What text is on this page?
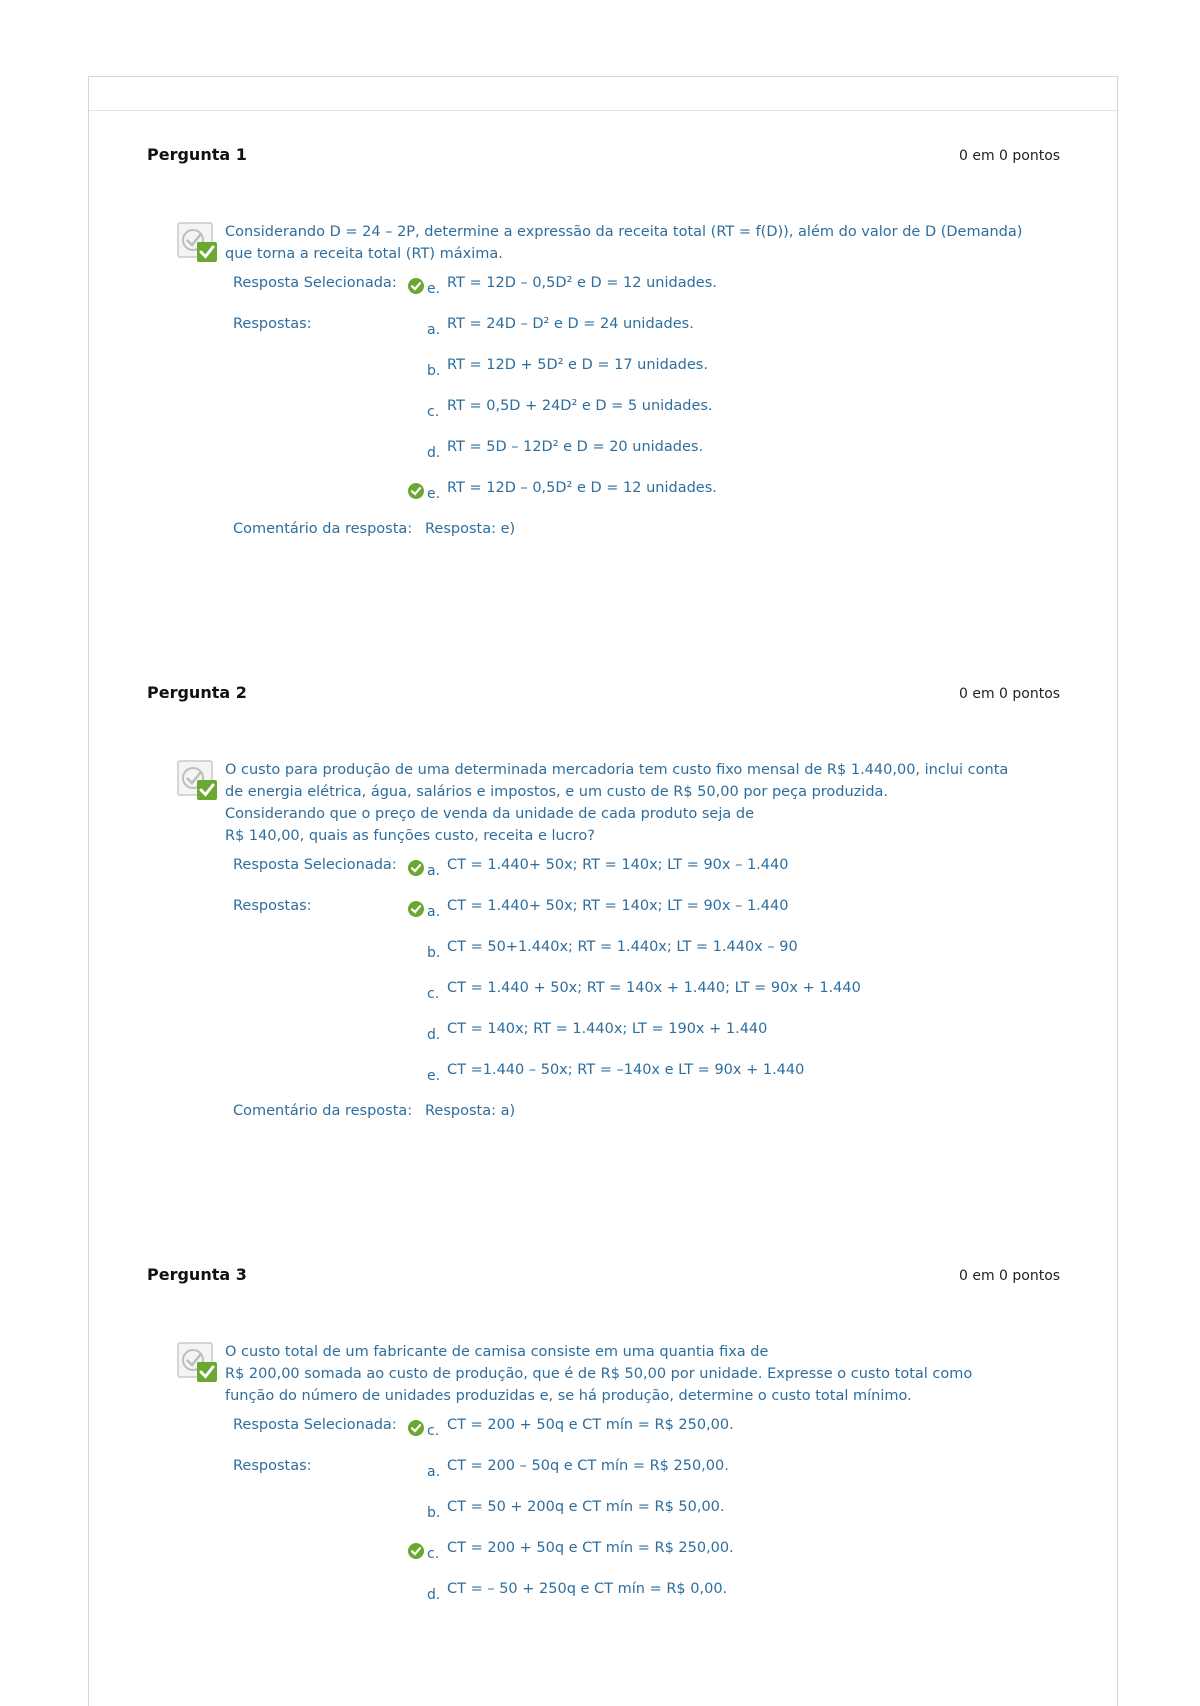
Pergunta 1	0 em 0 pontos
Considerando D = 24 – 2P, determine a expressão da receita total (RT = f(D)), além do valor de D (Demanda)
que torna a receita total (RT) máxima.
Resposta Selecionada: e. RT = 12D – 0,5D² e D = 12 unidades.
Respostas:	a. RT = 24D – D² e D = 24 unidades.
b. RT = 12D + 5D² e D = 17 unidades.
c. RT = 0,5D + 24D² e D = 5 unidades.
d. RT = 5D – 12D² e D = 20 unidades.
e. RT = 12D – 0,5D² e D = 12 unidades.
Comentário da resposta: Resposta: e)
Pergunta 2	0 em 0 pontos
O custo para produção de uma determinada mercadoria tem custo fixo mensal de R$ 1.440,00, inclui conta
de energia elétrica, água, salários e impostos, e um custo de R$ 50,00 por peça produzida.
Considerando que o preço de venda da unidade de cada produto seja de
R$ 140,00, quais as funções custo, receita e lucro?
Resposta Selecionada: a. CT = 1.440+ 50x; RT = 140x; LT = 90x – 1.440
Respostas:	a. CT = 1.440+ 50x; RT = 140x; LT = 90x – 1.440
b. CT = 50+1.440x; RT = 1.440x; LT = 1.440x – 90
c. CT = 1.440 + 50x; RT = 140x + 1.440; LT = 90x + 1.440
d. CT = 140x; RT = 1.440x; LT = 190x + 1.440
e. CT =1.440 – 50x; RT = –140x e LT = 90x + 1.440
Comentário da resposta: Resposta: a)
Pergunta 3	0 em 0 pontos
O custo total de um fabricante de camisa consiste em uma quantia fixa de
R$ 200,00 somada ao custo de produção, que é de R$ 50,00 por unidade. Expresse o custo total como
função do número de unidades produzidas e, se há produção, determine o custo total mínimo.
Resposta Selecionada: c. CT = 200 + 50q e CT mín = R$ 250,00.
Respostas:	a. CT = 200 – 50q e CT mín = R$ 250,00.
b. CT = 50 + 200q e CT mín = R$ 50,00.
c. CT = 200 + 50q e CT mín = R$ 250,00.
d. CT = – 50 + 250q e CT mín = R$ 0,00.
